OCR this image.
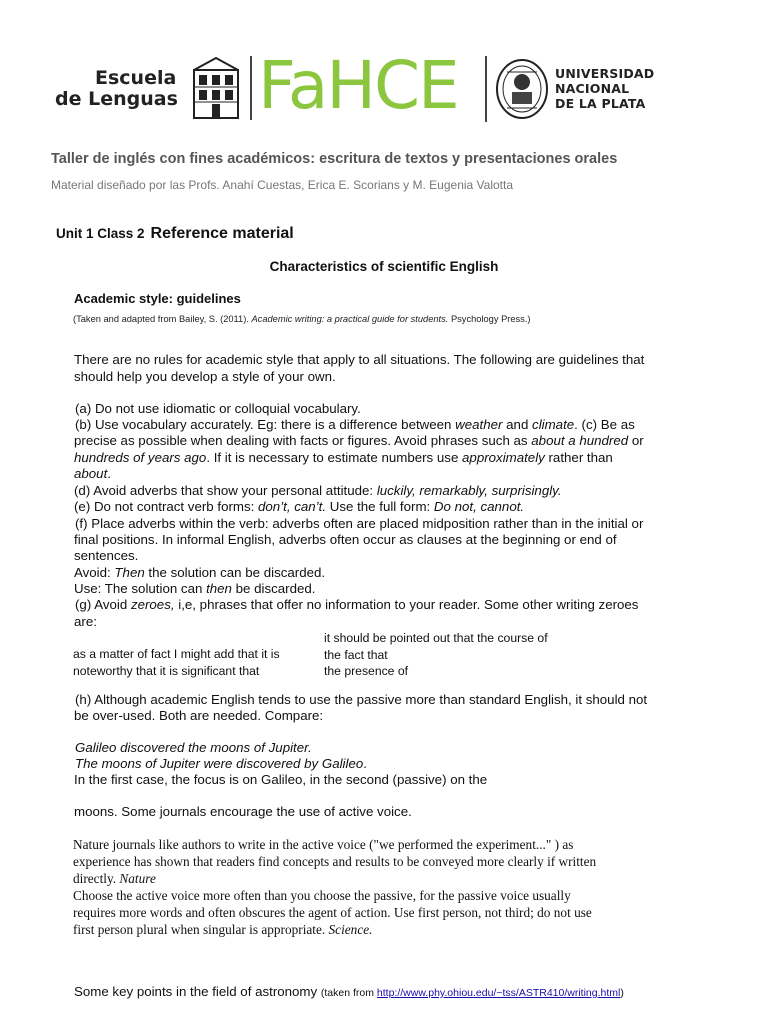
Escuela
de Lenguas FaHCE	UNIVERSIDAD
NACIONAL
DE LA PLATA
Taller de inglés con fines académicos: escritura de textos y presentaciones orales
Material diseñado por las Profs. Anahí Cuestas, Erica E. Scorians y M. Eugenia Valotta
Unit 1 Class 2 Reference material
Characteristics of scientific English
Academic style: guidelines
(Taken and adapted from Bailey, S. (2011). Academic writing: a practical guide for students. Psychology Press.)
There are no rules for academic style that apply to all situations. The following are guidelines that
should help you develop a style of your own.
(a) Do not use idiomatic or colloquial vocabulary.
(b) Use vocabulary accurately. Eg: there is a difference between weather and climate. (c) Be as
precise as possible when dealing with facts or figures. Avoid phrases such as about a hundred or
hundreds of years ago. If it is necessary to estimate numbers use approximately rather than
about.
(d) Avoid adverbs that show your personal attitude: luckily, remarkably, surprisingly.
(e) Do not contract verb forms: don’t, can’t. Use the full form: Do not, cannot.
(f) Place adverbs within the verb: adverbs often are placed midposition rather than in the initial or
final positions. In informal English, adverbs often occur as clauses at the beginning or end of
sentences.
Avoid: Then the solution can be discarded.
Use: The solution can then be discarded.
(g) Avoid zeroes, i,e, phrases that offer no information to your reader. Some other writing zeroes
are:
as a matter of fact I might add that it is
noteworthy that it is significant that
it should be pointed out that the course of
the fact that
the presence of
(h) Although academic English tends to use the passive more than standard English, it should not
be over-used. Both are needed. Compare:
Galileo discovered the moons of Jupiter.
The moons of Jupiter were discovered by Galileo.
In the first case, the focus is on Galileo, in the second (passive) on the
moons. Some journals encourage the use of active voice.
Nature journals like authors to write in the active voice ("we performed the experiment..." ) as
experience has shown that readers find concepts and results to be conveyed more clearly if written
directly. Nature
Choose the active voice more often than you choose the passive, for the passive voice usually
requires more words and often obscures the agent of action. Use first person, not third; do not use
first person plural when singular is appropriate. Science.
Some key points in the field of astronomy (taken from http://www.phy.ohiou.edu/~tss/ASTR410/writing.html)
